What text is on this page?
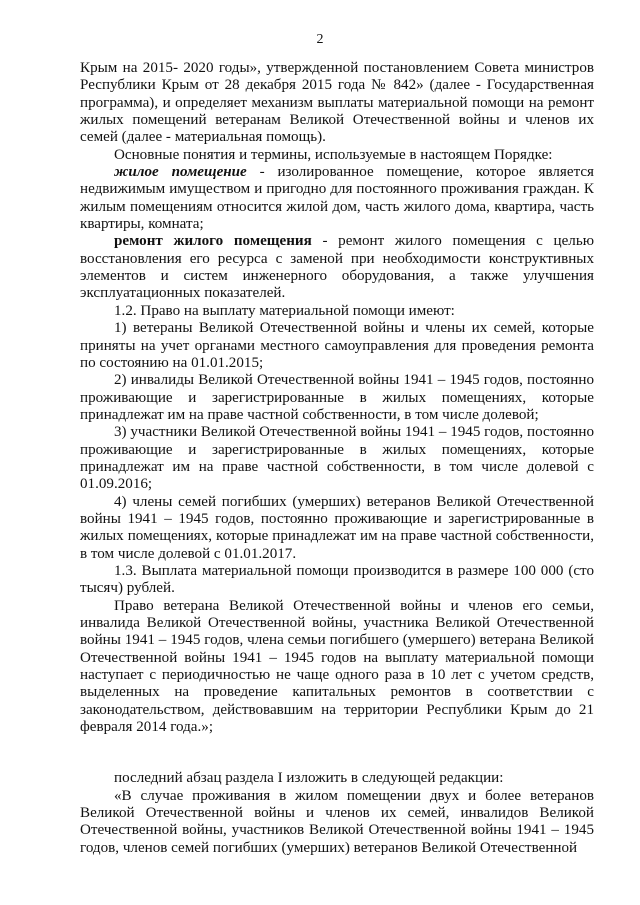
2

Крым на 2015- 2020 годы», утвержденной постановлением Совета министров Республики Крым от 28 декабря 2015 года № 842» (далее - Государственная программа), и определяет механизм выплаты материальной помощи на ремонт жилых помещений ветеранам Великой Отечественной войны и членов их семей (далее - материальная помощь).

Основные понятия и термины, используемые в настоящем Порядке:

жилое помещение - изолированное помещение, которое является недвижимым имуществом и пригодно для постоянного проживания граждан. К жилым помещениям относится жилой дом, часть жилого дома, квартира, часть квартиры, комната;

ремонт жилого помещения - ремонт жилого помещения с целью восстановления его ресурса с заменой при необходимости конструктивных элементов и систем инженерного оборудования, а также улучшения эксплуатационных показателей.

1.2. Право на выплату материальной помощи имеют:

1) ветераны Великой Отечественной войны и члены их семей, которые приняты на учет органами местного самоуправления для проведения ремонта по состоянию на 01.01.2015;

2) инвалиды Великой Отечественной войны 1941 – 1945 годов, постоянно проживающие и зарегистрированные в жилых помещениях, которые принадлежат им на праве частной собственности, в том числе долевой;

3) участники Великой Отечественной войны 1941 – 1945 годов, постоянно проживающие и зарегистрированные в жилых помещениях, которые принадлежат им на праве частной собственности, в том числе долевой с 01.09.2016;

4) члены семей погибших (умерших) ветеранов Великой Отечественной войны 1941 – 1945 годов, постоянно проживающие и зарегистрированные в жилых помещениях, которые принадлежат им на праве частной собственности, в том числе долевой с 01.01.2017.

1.3. Выплата материальной помощи производится в размере 100 000 (сто тысяч) рублей.

Право ветерана Великой Отечественной войны и членов его семьи, инвалида Великой Отечественной войны, участника Великой Отечественной войны 1941 – 1945 годов, члена семьи погибшего (умершего) ветерана Великой Отечественной войны 1941 – 1945 годов на выплату материальной помощи наступает с периодичностью не чаще одного раза в 10 лет с учетом средств, выделенных на проведение капитальных ремонтов в соответствии с законодательством, действовавшим на территории Республики Крым до 21 февраля 2014 года.»;

последний абзац раздела I изложить в следующей редакции:

«В случае проживания в жилом помещении двух и более ветеранов Великой Отечественной войны и членов их семей, инвалидов Великой Отечественной войны, участников Великой Отечественной войны 1941 – 1945 годов, членов семей погибших (умерших) ветеранов Великой Отечественной
